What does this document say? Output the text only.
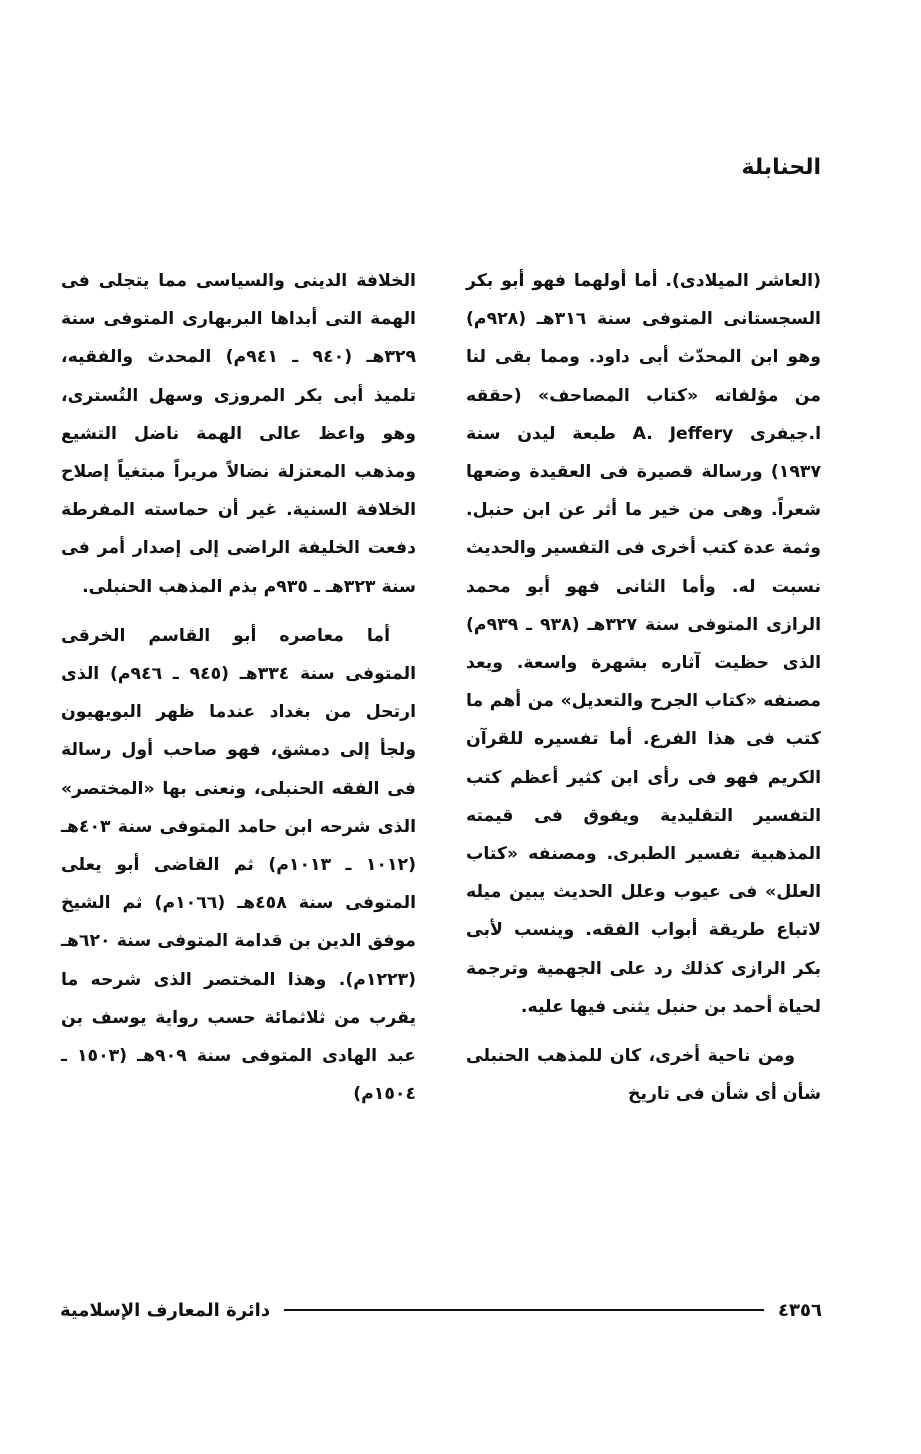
الحنابلة

(العاشر الميلادى). أما أولهما فهو أبو بكر السجستانى المتوفى سنة ٣١٦هـ (٩٢٨م) وهو ابن المحدّث أبى داود. ومما بقى لنا من مؤلفاته «كتاب المصاحف» (حققه ا.جيفرى A. Jeffery طبعة ليدن سنة ١٩٣٧) ورسالة قصيرة فى العقيدة وضعها شعراً. وهى من خير ما أثر عن ابن حنبل. وثمة عدة كتب أخرى فى التفسير والحديث نسبت له. وأما الثانى فهو أبو محمد الرازى المتوفى سنة ٣٢٧هـ (٩٣٨ ـ ٩٣٩م) الذى حظيت آثاره بشهرة واسعة. ويعد مصنفه «كتاب الجرح والتعديل» من أهم ما كتب فى هذا الفرع. أما تفسيره للقرآن الكريم فهو فى رأى ابن كثير أعظم كتب التفسير التقليدية ويفوق فى قيمته المذهبية تفسير الطبرى. ومصنفه «كتاب العلل» فى عيوب وعلل الحديث يبين ميله لاتباع طريقة أبواب الفقه. وينسب لأبى بكر الرازى كذلك رد على الجهمية وترجمة لحياة أحمد بن حنبل يثنى فيها عليه.

ومن ناحية أخرى، كان للمذهب الحنبلى شأن أى شأن فى تاريخ

الخلافة الدينى والسياسى مما يتجلى فى الهمة التى أبداها البربهارى المتوفى سنة ٣٢٩هـ (٩٤٠ ـ ٩٤١م) المحدث والفقيه، تلميذ أبى بكر المروزى وسهل التُسترى، وهو واعظ عالى الهمة ناضل التشيع ومذهب المعتزلة نضالاً مريراً مبتغياً إصلاح الخلافة السنية. غير أن حماسته المفرطة دفعت الخليفة الراضى إلى إصدار أمر فى سنة ٣٢٣هـ ـ ٩٣٥م بذم المذهب الحنبلى.

أما معاصره أبو القاسم الخرقى المتوفى سنة ٣٣٤هـ (٩٤٥ ـ ٩٤٦م) الذى ارتحل من بغداد عندما ظهر البويهيون ولجأ إلى دمشق، فهو صاحب أول رسالة فى الفقه الحنبلى، ونعنى بها «المختصر» الذى شرحه ابن حامد المتوفى سنة ٤٠٣هـ (١٠١٢ ـ ١٠١٣م) ثم القاضى أبو يعلى المتوفى سنة ٤٥٨هـ (١٠٦٦م) ثم الشيخ موفق الدين بن قدامة المتوفى سنة ٦٢٠هـ (١٢٢٣م). وهذا المختصر الذى شرحه ما يقرب من ثلاثمائة حسب رواية يوسف بن عبد الهادى المتوفى سنة ٩٠٩هـ (١٥٠٣ ـ ١٥٠٤م)

٤٣٥٦
دائرة المعارف الإسلامية
